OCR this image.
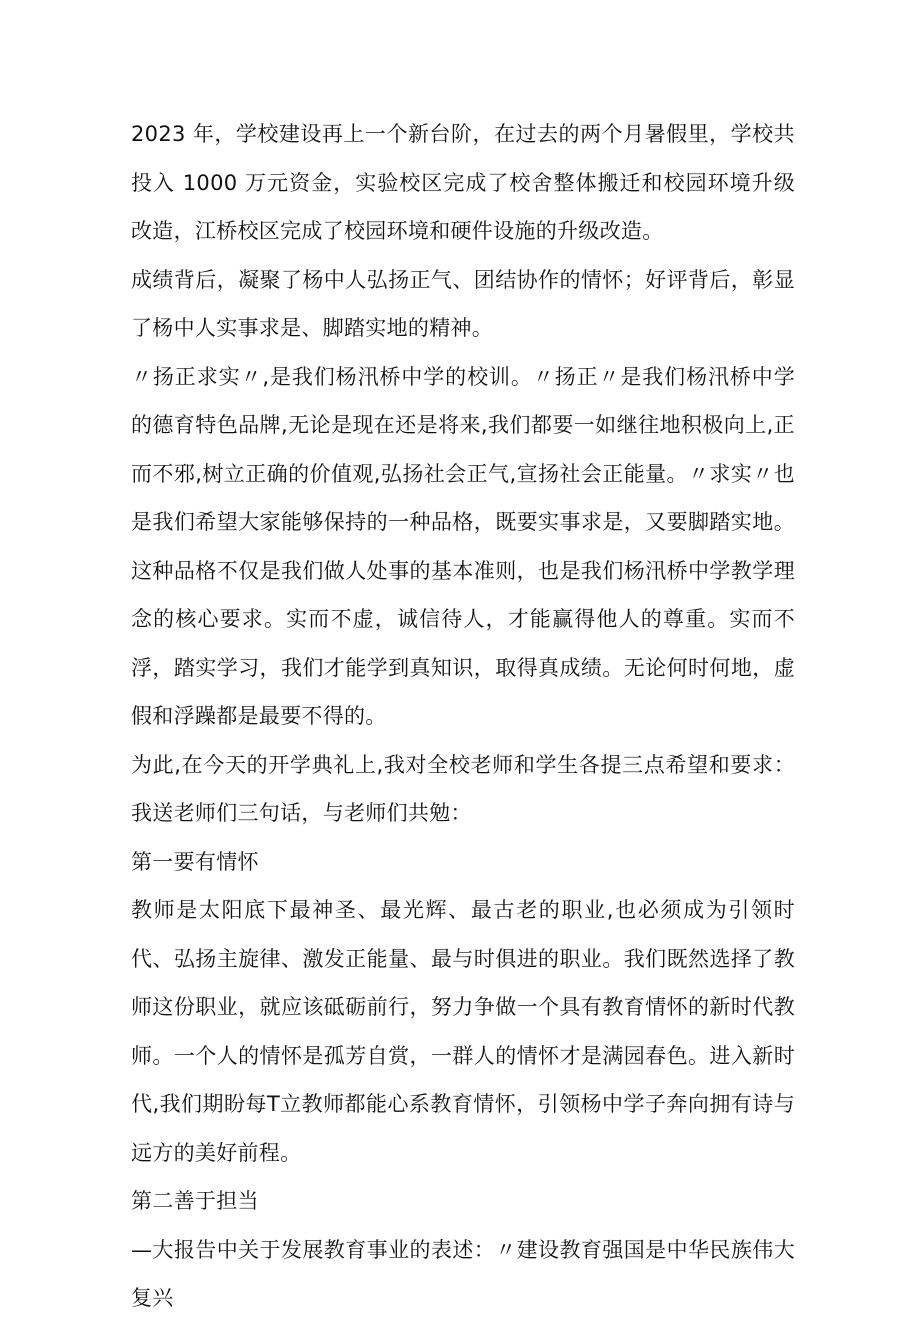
2023 年，学校建设再上一个新台阶，在过去的两个月暑假里，学校共投入 1000 万元资金，实验校区完成了校舍整体搬迁和校园环境升级改造，江桥校区完成了校园环境和硬件设施的升级改造。

成绩背后，凝聚了杨中人弘扬正气、团结协作的情怀；好评背后，彰显了杨中人实事求是、脚踏实地的精神。

〃扬正求实〃,是我们杨汛桥中学的校训。〃扬正〃是我们杨汛桥中学的德育特色品牌,无论是现在还是将来,我们都要一如继往地积极向上,正而不邪,树立正确的价值观,弘扬社会正气,宣扬社会正能量。〃求实〃也是我们希望大家能够保持的一种品格，既要实事求是，又要脚踏实地。这种品格不仅是我们做人处事的基本准则，也是我们杨汛桥中学教学理念的核心要求。实而不虚，诚信待人，才能赢得他人的尊重。实而不浮，踏实学习，我们才能学到真知识，取得真成绩。无论何时何地，虚假和浮躁都是最要不得的。

为此,在今天的开学典礼上,我对全校老师和学生各提三点希望和要求：我送老师们三句话，与老师们共勉：

第一要有情怀

教师是太阳底下最神圣、最光辉、最古老的职业,也必须成为引领时代、弘扬主旋律、激发正能量、最与时俱进的职业。我们既然选择了教师这份职业，就应该砥砺前行，努力争做一个具有教育情怀的新时代教师。一个人的情怀是孤芳自赏，一群人的情怀才是满园春色。进入新时代,我们期盼每T立教师都能心系教育情怀，引领杨中学子奔向拥有诗与远方的美好前程。

第二善于担当

—大报告中关于发展教育事业的表述：〃建设教育强国是中华民族伟大复兴
